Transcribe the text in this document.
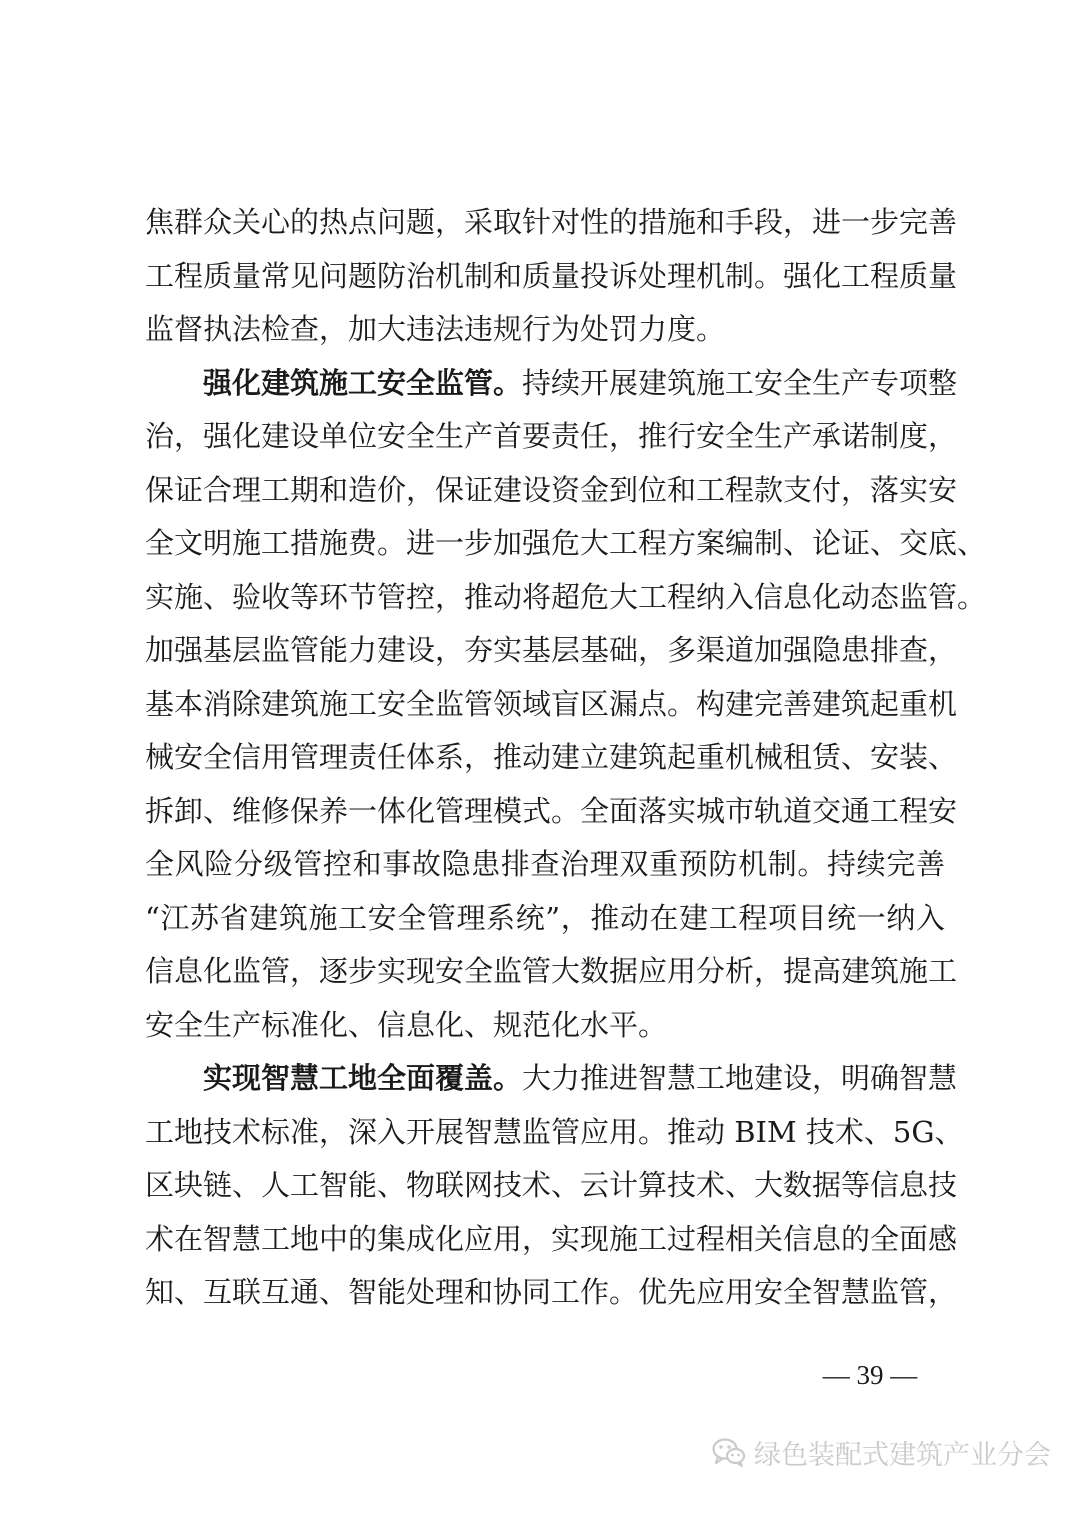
焦群众关心的热点问题，采取针对性的措施和手段，进一步完善
工程质量常见问题防治机制和质量投诉处理机制。强化工程质量
监督执法检查，加大违法违规行为处罚力度。
强化建筑施工安全监管。持续开展建筑施工安全生产专项整
治，强化建设单位安全生产首要责任，推行安全生产承诺制度，
保证合理工期和造价，保证建设资金到位和工程款支付，落实安
全文明施工措施费。进一步加强危大工程方案编制、论证、交底、
实施、验收等环节管控，推动将超危大工程纳入信息化动态监管。
加强基层监管能力建设，夯实基层基础，多渠道加强隐患排查，
基本消除建筑施工安全监管领域盲区漏点。构建完善建筑起重机
械安全信用管理责任体系，推动建立建筑起重机械租赁、安装、
拆卸、维修保养一体化管理模式。全面落实城市轨道交通工程安
全风险分级管控和事故隐患排查治理双重预防机制。持续完善
“江苏省建筑施工安全管理系统”，推动在建工程项目统一纳入
信息化监管，逐步实现安全监管大数据应用分析，提高建筑施工
安全生产标准化、信息化、规范化水平。
实现智慧工地全面覆盖。大力推进智慧工地建设，明确智慧
工地技术标准，深入开展智慧监管应用。推动 BIM 技术、5G、
区块链、人工智能、物联网技术、云计算技术、大数据等信息技
术在智慧工地中的集成化应用，实现施工过程相关信息的全面感
知、互联互通、智能处理和协同工作。优先应用安全智慧监管，
— 39 —
绿色装配式建筑产业分会
